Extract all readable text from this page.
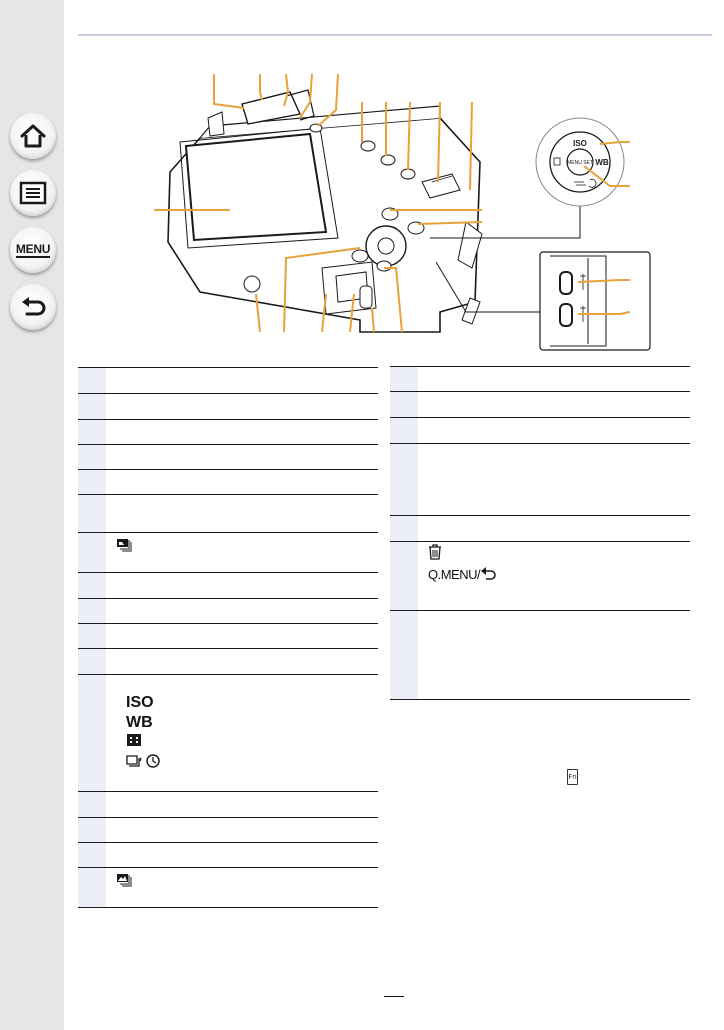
MENU
ISO
WB
MENU SET

	ISO
WB

	Q.MENU/

Fn
